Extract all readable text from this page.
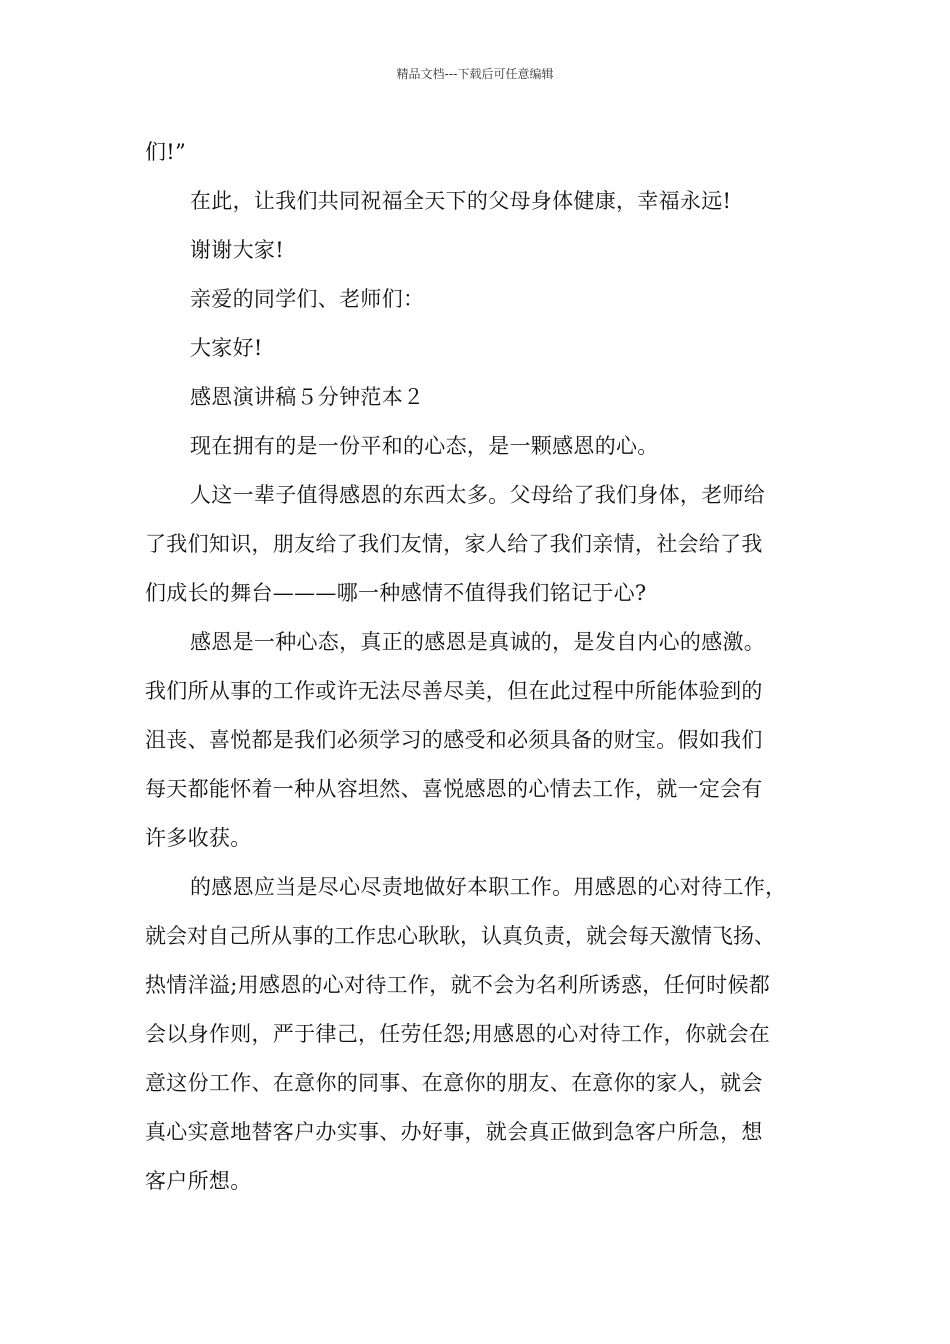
精品文档---下载后可任意编辑
们!”
在此，让我们共同祝福全天下的父母身体健康，幸福永远!
谢谢大家!
亲爱的同学们、老师们：
大家好!
感恩演讲稿５分钟范本２
现在拥有的是一份平和的心态，是一颗感恩的心。
人这一辈子值得感恩的东西太多。父母给了我们身体，老师给
了我们知识，朋友给了我们友情，家人给了我们亲情，社会给了我
们成长的舞台———哪一种感情不值得我们铭记于心?
感恩是一种心态，真正的感恩是真诚的，是发自内心的感激。
我们所从事的工作或许无法尽善尽美，但在此过程中所能体验到的
沮丧、喜悦都是我们必须学习的感受和必须具备的财宝。假如我们
每天都能怀着一种从容坦然、喜悦感恩的心情去工作，就一定会有
许多收获。
的感恩应当是尽心尽责地做好本职工作。用感恩的心对待工作，
就会对自己所从事的工作忠心耿耿，认真负责，就会每天激情飞扬、
热情洋溢;用感恩的心对待工作，就不会为名利所诱惑，任何时候都
会以身作则，严于律己，任劳任怨;用感恩的心对待工作，你就会在
意这份工作、在意你的同事、在意你的朋友、在意你的家人，就会
真心实意地替客户办实事、办好事，就会真正做到急客户所急，想
客户所想。
